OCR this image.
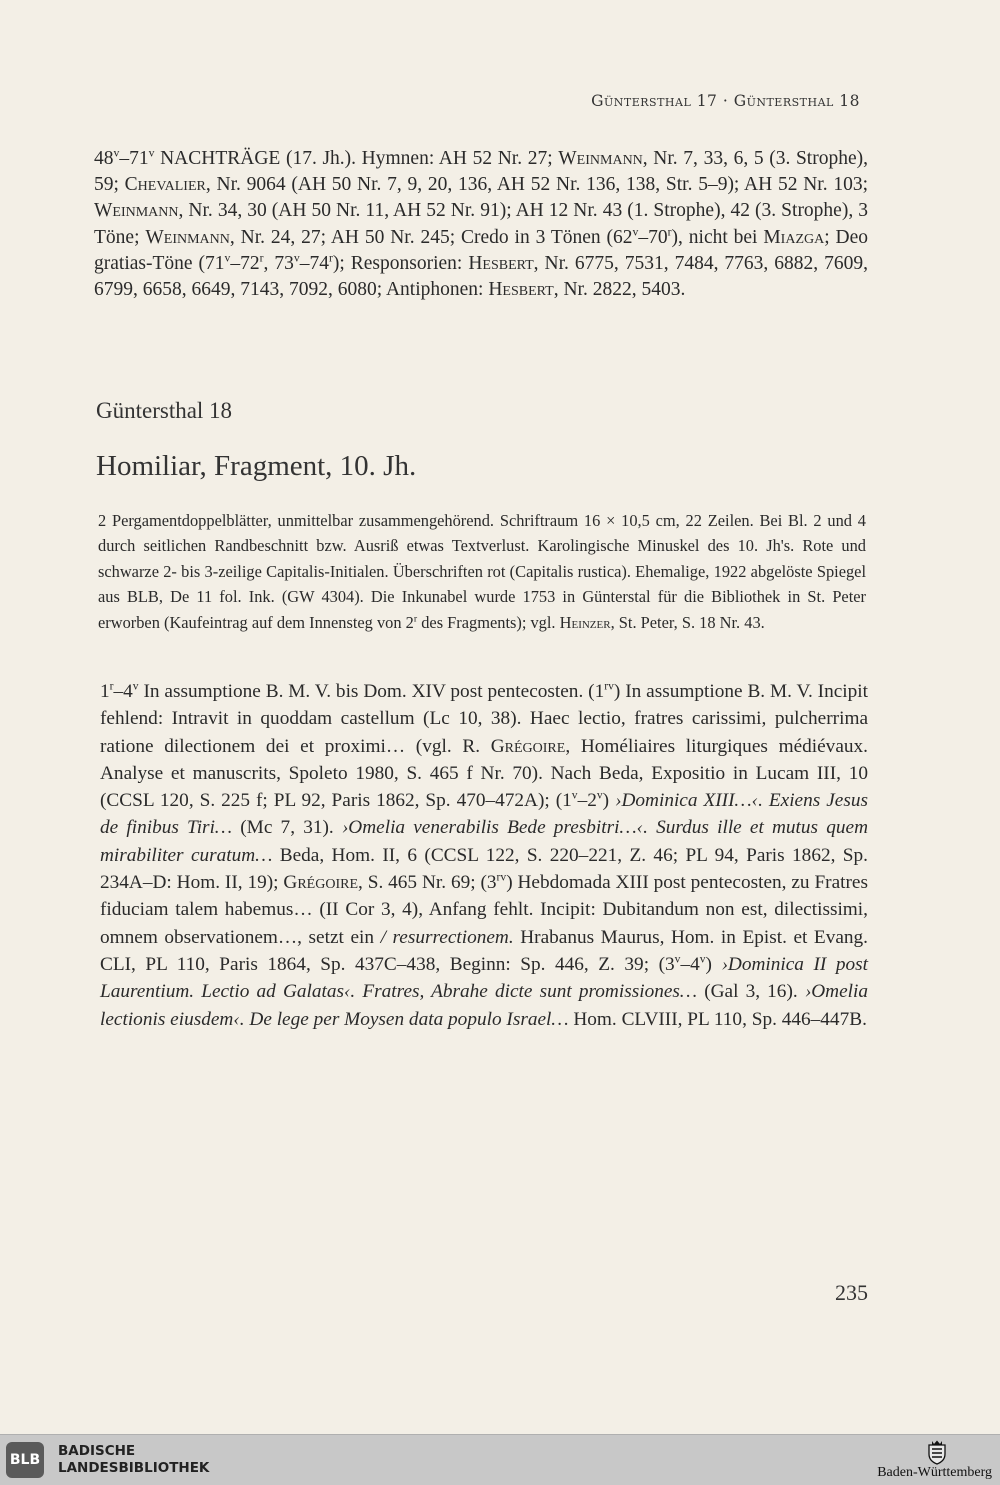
Güntersthal 17 · Güntersthal 18
48$^v$–71$^v$ NACHTRÄGE (17. Jh.). Hymnen: AH 52 Nr. 27; Weinmann, Nr. 7, 33, 6, 5 (3. Strophe), 59; Chevalier, Nr. 9064 (AH 50 Nr. 7, 9, 20, 136, AH 52 Nr. 136, 138, Str. 5–9); AH 52 Nr. 103; Weinmann, Nr. 34, 30 (AH 50 Nr. 11, AH 52 Nr. 91); AH 12 Nr. 43 (1. Strophe), 42 (3. Strophe), 3 Töne; Weinmann, Nr. 24, 27; AH 50 Nr. 245; Credo in 3 Tönen (62$^v$–70$^r$), nicht bei Miazga; Deo gratias-Töne (71$^v$–72$^r$, 73$^v$–74$^r$); Responsorien: Hesbert, Nr. 6775, 7531, 7484, 7763, 6882, 7609, 6799, 6658, 6649, 7143, 7092, 6080; Antiphonen: Hesbert, Nr. 2822, 5403.
Güntersthal 18
Homiliar, Fragment, 10. Jh.
2 Pergamentdoppelblätter, unmittelbar zusammengehörend. Schriftraum 16 × 10,5 cm, 22 Zeilen. Bei Bl. 2 und 4 durch seitlichen Randbeschnitt bzw. Ausriß etwas Textverlust. Karolingische Minuskel des 10. Jh's. Rote und schwarze 2- bis 3-zeilige Capitalis-Initialen. Überschriften rot (Capitalis rustica). Ehemalige, 1922 abgelöste Spiegel aus BLB, De 11 fol. Ink. (GW 4304). Die Inkunabel wurde 1753 in Günterstal für die Bibliothek in St. Peter erworben (Kaufeintrag auf dem Innensteg von 2$^r$ des Fragments); vgl. Heinzer, St. Peter, S. 18 Nr. 43.
1$^r$–4$^v$ In assumptione B. M. V. bis Dom. XIV post pentecosten. $(1^{rv})$ In assumptione B. M. V. Incipit fehlend: Intravit in quoddam castellum (Lc 10, 38). Haec lectio, fratres carissimi, pulcherrima ratione dilectionem dei et proximi… (vgl. R. Grégoire, Homéliaires liturgiques médiévaux. Analyse et manuscrits, Spoleto 1980, S. 465 f Nr. 70). Nach Beda, Expositio in Lucam III, 10 (CCSL 120, S. 225 f; PL 92, Paris 1862, Sp. 470–472A); (1$^v$–2$^v$) ›Dominica XIII…‹. Exiens Jesus de finibus Tiri… (Mc 7, 31). ›Omelia venerabilis Bede presbitri…‹. Surdus ille et mutus quem mirabiliter curatum… Beda, Hom. II, 6 (CCSL 122, S. 220–221, Z. 46; PL 94, Paris 1862, Sp. 234A–D: Hom. II, 19); Grégoire, S. 465 Nr. 69; $(3^{rv})$ Hebdomada XIII post pentecosten, zu Fratres fiduciam talem habemus… (II Cor 3, 4), Anfang fehlt. Incipit: Dubitandum non est, dilectissimi, omnem observationem…, setzt ein / resurrectionem. Hrabanus Maurus, Hom. in Epist. et Evang. CLI, PL 110, Paris 1864, Sp. 437C–438, Beginn: Sp. 446, Z. 39; (3$^v$–4$^v$) ›Dominica II post Laurentium. Lectio ad Galatas‹. Fratres, Abrahe dicte sunt promissiones… (Gal 3, 16). ›Omelia lectionis eiusdem‹. De lege per Moysen data populo Israel… Hom. CLVIII, PL 110, Sp. 446–447B.
235
BLB
BADISCHE
LANDESBIBLIOTHEK	Baden-Württemberg
